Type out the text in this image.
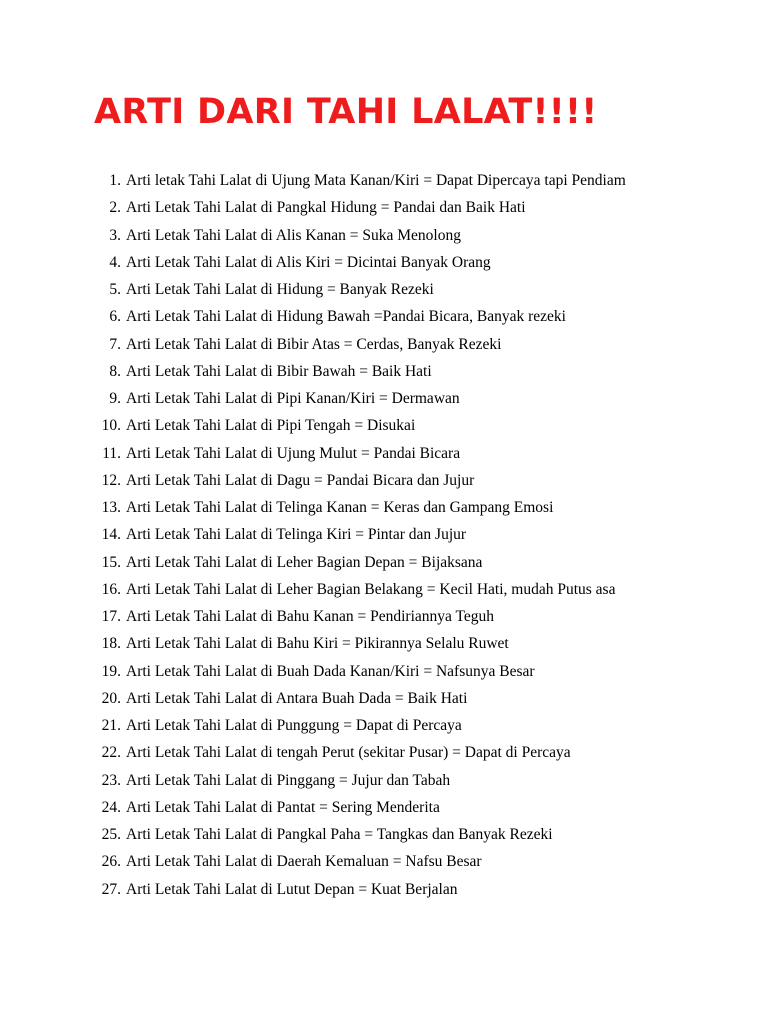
ARTI DARI TAHI LALAT!!!!
1. Arti letak Tahi Lalat di Ujung Mata Kanan/Kiri = Dapat Dipercaya tapi Pendiam
2. Arti Letak Tahi Lalat di Pangkal Hidung = Pandai dan Baik Hati
3. Arti Letak Tahi Lalat di Alis Kanan = Suka Menolong
4. Arti Letak Tahi Lalat di Alis Kiri = Dicintai Banyak Orang
5. Arti Letak Tahi Lalat di Hidung = Banyak Rezeki
6. Arti Letak Tahi Lalat di Hidung Bawah =Pandai Bicara, Banyak rezeki
7. Arti Letak Tahi Lalat di Bibir Atas = Cerdas, Banyak Rezeki
8. Arti Letak Tahi Lalat di Bibir Bawah = Baik Hati
9. Arti Letak Tahi Lalat di Pipi Kanan/Kiri = Dermawan
10. Arti Letak Tahi Lalat di Pipi Tengah = Disukai
11. Arti Letak Tahi Lalat di Ujung Mulut = Pandai Bicara
12. Arti Letak Tahi Lalat di Dagu = Pandai Bicara dan Jujur
13. Arti Letak Tahi Lalat di Telinga Kanan = Keras dan Gampang Emosi
14. Arti Letak Tahi Lalat di Telinga Kiri = Pintar dan Jujur
15. Arti Letak Tahi Lalat di Leher Bagian Depan = Bijaksana
16. Arti Letak Tahi Lalat di Leher Bagian Belakang = Kecil Hati, mudah Putus asa
17. Arti Letak Tahi Lalat di Bahu Kanan = Pendiriannya Teguh
18. Arti Letak Tahi Lalat di Bahu Kiri = Pikirannya Selalu Ruwet
19. Arti Letak Tahi Lalat di Buah Dada Kanan/Kiri = Nafsunya Besar
20. Arti Letak Tahi Lalat di Antara Buah Dada = Baik Hati
21. Arti Letak Tahi Lalat di Punggung = Dapat di Percaya
22. Arti Letak Tahi Lalat di tengah Perut (sekitar Pusar) = Dapat di Percaya
23. Arti Letak Tahi Lalat di Pinggang = Jujur dan Tabah
24. Arti Letak Tahi Lalat di Pantat = Sering Menderita
25. Arti Letak Tahi Lalat di Pangkal Paha = Tangkas dan Banyak Rezeki
26. Arti Letak Tahi Lalat di Daerah Kemaluan = Nafsu Besar
27. Arti Letak Tahi Lalat di Lutut Depan = Kuat Berjalan
